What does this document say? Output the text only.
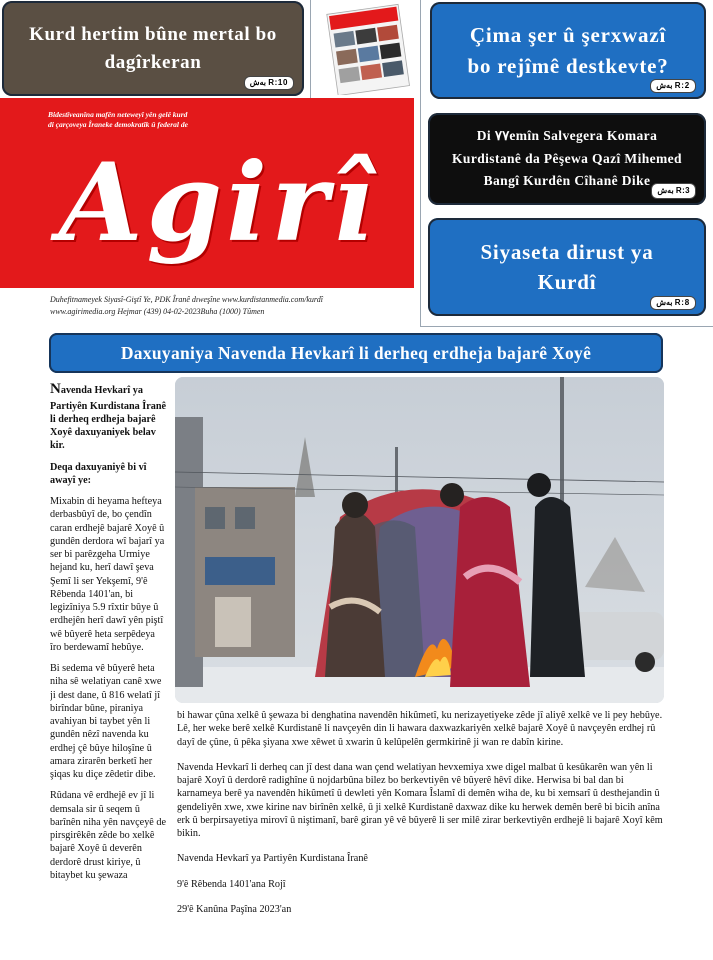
Kurd hertim bûne mertal bo dagîrkeran
بەش R:10
Çima şer û şerxwazî bo rejîmê destkevte?
بەش R:2
Bidestîveanîna mafên neteweyî yên gelê kurd
di çarçoveya Îraneke demokratîk û federal de
Agirî
Duhefitnameyek Siyasî-Giştî Ye, PDK Îranê dıweşîne www.kurdistanmedia.com/kurdî
www.agirimedia.org Hejmar (439) 04-02-2023Buha (1000) Tûmen
Di ٧٧emîn Salvegera Komara Kurdistanê da Pêşewa Qazî Mihemed Bangî Kurdên Cîhanê Dike
بەش R:3
Siyaseta dirust ya Kurdî
بەش R:8
Daxuyaniya Navenda Hevkarî li derheq erdheja bajarê Xoyê

Navenda Hevkarî ya Partiyên Kurdistana Îranê li derheq erdheja bajarê Xoyê daxuyaniyek belav kir.

Deqa daxuyaniyê bi vî awayî ye:

Mixabin di heyama hefteya derbasbûyî de, bo çendîn caran erdhejê bajarê Xoyê û gundên derdora wî bajarî ya ser bi parêzgeha Urmiye hejand ku, herî dawî şeva Şemî li ser Yekşemî, 9'ê Rêbenda 1401'an, bi legizîniya 5.9 rîxtir bûye û erdhejên herî dawî yên piştî wê bûyerê heta serpêdeya îro berdewamî hebûye.

Bi sedema vê bûyerê heta niha sê welatiyan canê xwe ji dest dane, û 816 welatî jî birîndar bûne, piraniya avahiyan bi taybet yên li gundên nêzî navenda ku erdhej çê bûye hiloşîne û amara zirarên berketî her şiqas ku diçe zêdetir dibe.

Rûdana vê erdhejê ev jî li demsala sir û seqem û barînên niha yên navçeyê de pirsgirêkên zêde bo xelkê bajarê Xoyê û deverên derdorê drust kiriye, û bitaybet ku şewaza

bi hawar çûna xelkê û şewaza bi denghatina navendên hikûmetî, ku nerizayetiyeke zêde jî aliyê xelkê ve li pey hebûye. Lê, her weke berê xelkê Kurdistanê li navçeyên din li hawara daxwazkariyên xelkê bajarê Xoyê û navçeyên erdhej rû dayî de çûne, û pêka şiyana xwe xêwet û xwarin û kelûpelên germkirinê ji wan re dabîn kirine.

Navenda Hevkarî li derheq can jî dest dana wan çend welatiyan hevxemiya xwe digel malbat û kesûkarên wan yên li bajarê Xoyî û derdorê radighîne û nojdarbûna bilez bo berkevtiyên vê bûyerê hêvî dike. Herwisa bi bal dan bi karnameya berê ya navendên hikûmetî û dewleti yên Komara Îslamî di demên wiha de, ku bi xemsarî û desthejandin û gendeliyên xwe, xwe kirine nav birînên xelkê, û ji xelkê Kurdistanê daxwaz dike ku herwek demên berê bi bicih anîna erk û berpirsayetiya mirovî û niştimanî, barê giran yê vê bûyerê li ser milê zirar berkevtiyên erdhejê li bajarê Xoyî kêm bikin.

Navenda Hevkarî ya Partiyên Kurdistana Îranê

9'ê Rêbenda 1401'ana Rojî

29'ê Kanûna Paşîna 2023'an
